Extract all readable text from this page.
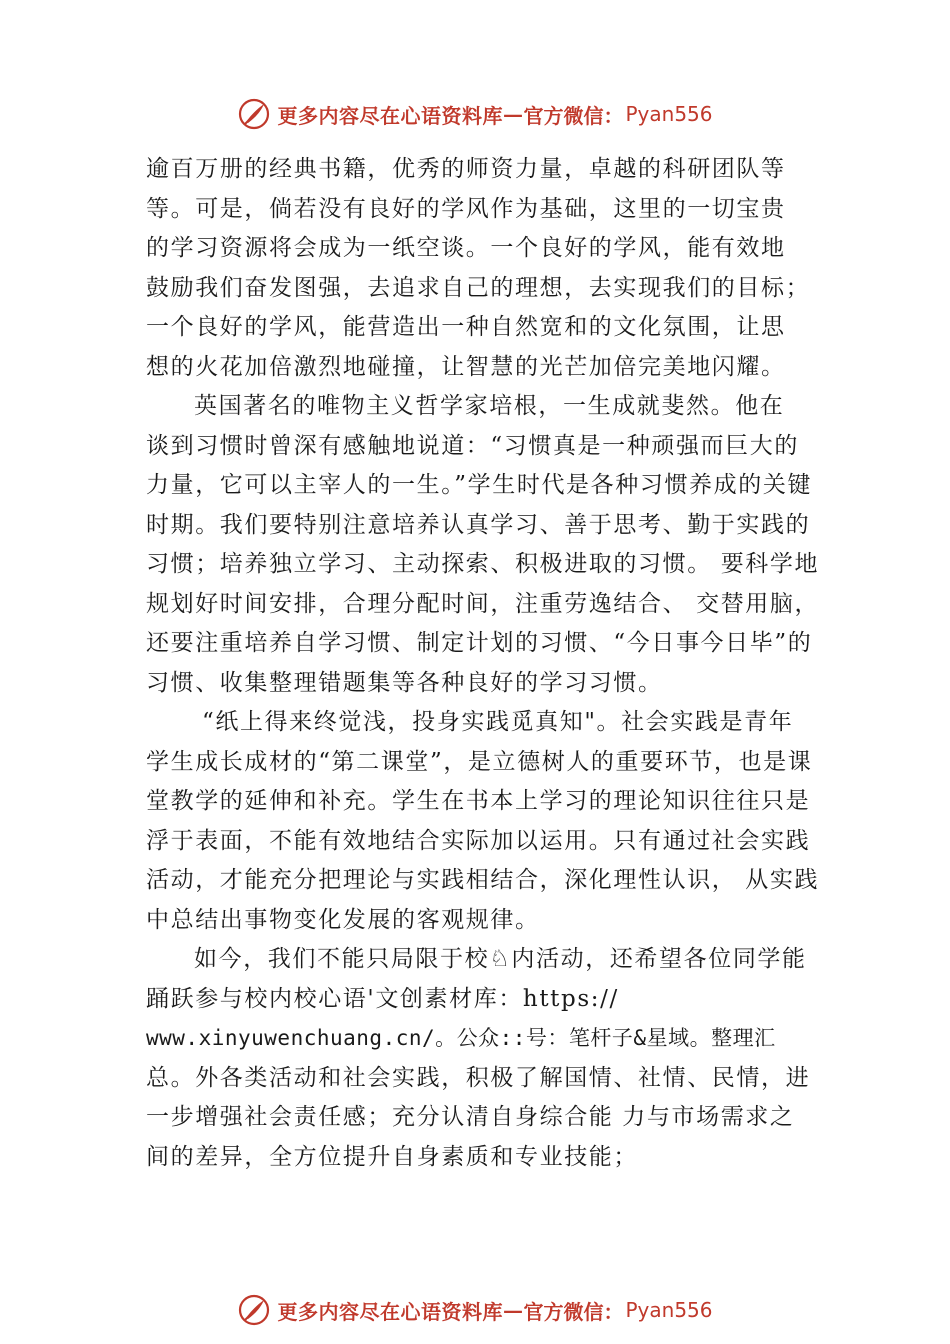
更多内容尽在心语资料库 — 官方微信： Pyan556
逾百万册的经典书籍，优秀的师资力量，卓越的科研团队等
等。可是，倘若没有良好的学风作为基础，这里的一切宝贵
的学习资源将会成为一纸空谈。一个良好的学风，能有效地
鼓励我们奋发图强，去追求自己的理想，去实现我们的目标；
一个良好的学风，能营造出一种自然宽和的文化氛围，让思
想的火花加倍激烈地碰撞，让智慧的光芒加倍完美地闪耀。
英国著名的唯物主义哲学家培根，一生成就斐然。他在
谈到习惯时曾深有感触地说道：“习惯真是一种顽强而巨大的
力量，它可以主宰人的一生。”学生时代是各种习惯养成的关键
时期。我们要特别注意培养认真学习、善于思考、勤于实践的
习惯；培养独立学习、主动探索、积极进取的习惯。 要科学地
规划好时间安排，合理分配时间，注重劳逸结合、 交替用脑，
还要注重培养自学习惯、制定计划的习惯、“今日事今日毕”的
习惯、收集整理错题集等各种良好的学习习惯。
“纸上得来终觉浅，投身实践觅真知"。社会实践是青年
学生成长成材的“第二课堂”，是立德树人的重要环节，也是课
堂教学的延伸和补充。学生在书本上学习的理论知识往往只是
浮于表面，不能有效地结合实际加以运用。只有通过社会实践
活动，才能充分把理论与实践相结合，深化理性认识， 从实践
中总结出事物变化发展的客观规律。
如今，我们不能只局限于校♘内活动，还希望各位同学能
踊跃参与校内校心语'文创素材库：https://
www.xinyuwenchuang.cn/。公众::号：笔杆子&星域。整理汇
总。外各类活动和社会实践，积极了解国情、社情、民情，进
一步增强社会责任感；充分认清自身综合能 力与市场需求之
间的差异，全方位提升自身素质和专业技能；
更多内容尽在心语资料库 — 官方微信： Pyan556
